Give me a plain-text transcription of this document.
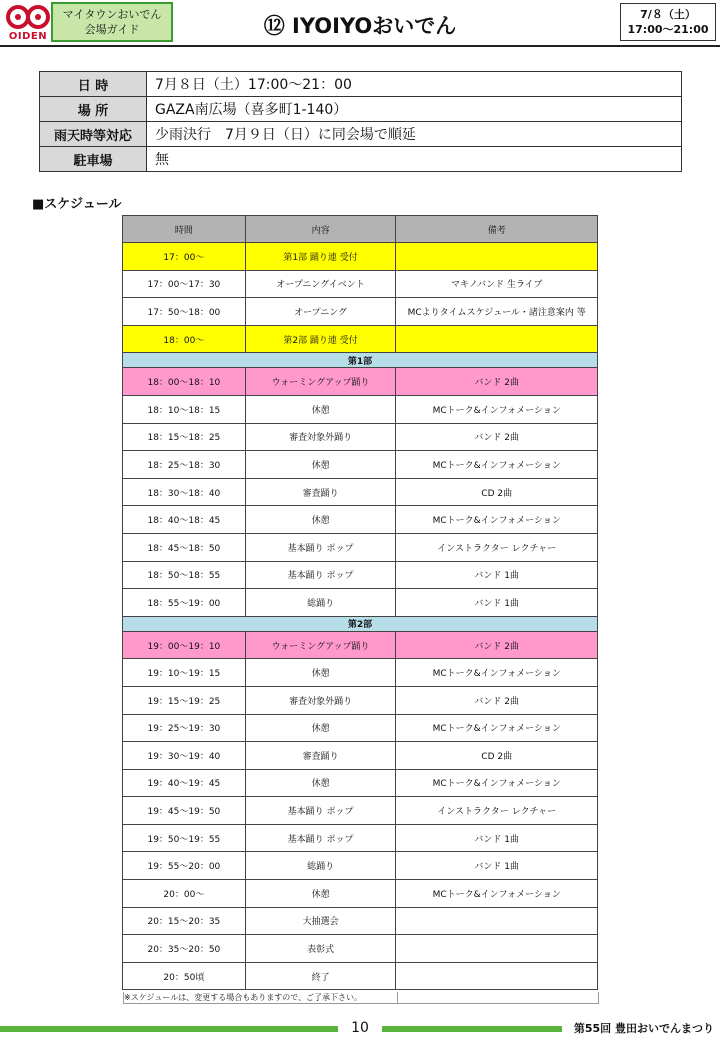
OIDEN
マイタウンおいでん
会場ガイド	⑫ IYOIYOおいでん	7/８（土）
17:00～21:00
日 時	7月８日（土）17:00～21：00
場 所	GAZA南広場（喜多町1-140）
雨天時等対応	少雨決行　7月９日（日）に同会場で順延
駐車場	無
■スケジュール
時間	内容	備考
17：00～	第1部 踊り連 受付	
17：00～17：30	オープニングイベント	マキノバンド 生ライブ
17：50～18：00	オープニング	MCよりタイムスケジュール・諸注意案内 等
18：00～	第2部 踊り連 受付	
第1部		
18：00～18：10	ウォーミングアップ踊り	バンド 2曲
18：10～18：15	休憩	MCトーク&インフォメーション
18：15～18：25	審査対象外踊り	バンド 2曲
18：25～18：30	休憩	MCトーク&インフォメーション
18：30～18：40	審査踊り	CD 2曲
18：40～18：45	休憩	MCトーク&インフォメーション
18：45～18：50	基本踊り ポップ	インストラクター レクチャー
18：50～18：55	基本踊り ポップ	バンド 1曲
18：55～19：00	総踊り	バンド 1曲
第2部		
19：00～19：10	ウォーミングアップ踊り	バンド 2曲
19：10～19：15	休憩	MCトーク&インフォメーション
19：15～19：25	審査対象外踊り	バンド 2曲
19：25～19：30	休憩	MCトーク&インフォメーション
19：30～19：40	審査踊り	CD 2曲
19：40～19：45	休憩	MCトーク&インフォメーション
19：45～19：50	基本踊り ポップ	インストラクター レクチャー
19：50～19：55	基本踊り ポップ	バンド 1曲
19：55～20：00	総踊り	バンド 1曲
20：00～	休憩	MCトーク&インフォメーション
20：15～20：35	大抽選会	
20：35～20：50	表彰式	
20：50頃	終了	
※スケジュールは、変更する場合もありますので、ご了承下さい。
10	第55回 豊田おいでんまつり
